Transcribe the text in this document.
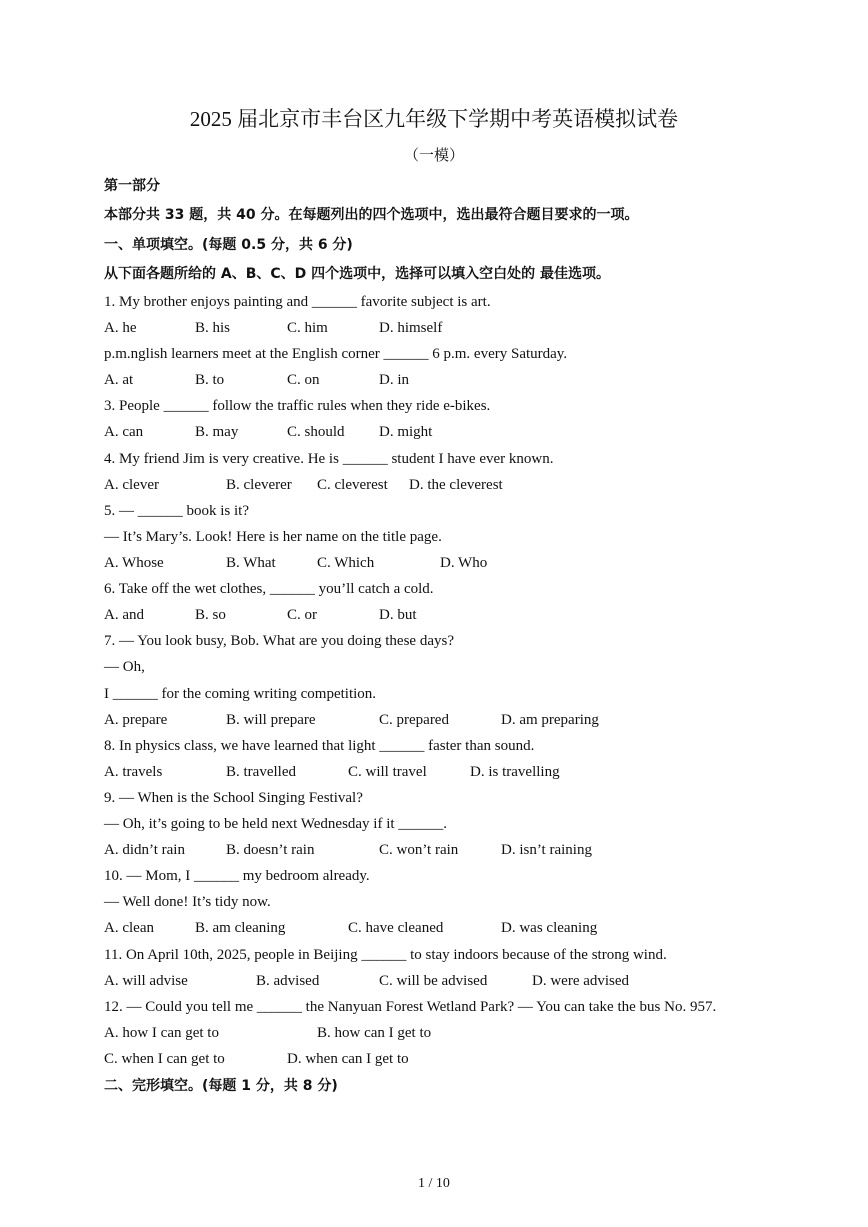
2025 届北京市丰台区九年级下学期中考英语模拟试卷
（一模）
第一部分
本部分共 33 题，共 40 分。在每题列出的四个选项中，选出最符合题目要求的一项。
一、单项填空。(每题 0.5 分，共 6 分)
从下面各题所给的 A、B、C、D 四个选项中，选择可以填入空白处的 最佳选项。
1. My brother enjoys painting and ______ favorite subject is art.
A. he	B. his	C. him	D. himself
p.m.nglish learners meet at the English corner ______ 6 p.m. every Saturday.
A. at	B. to	C. on	D. in
3. People ______ follow the traffic rules when they ride e-bikes.
A. can	B. may	C. should D. might
4. My friend Jim is very creative. He is ______ student I have ever known.
A. clever	B. cleverer C. cleverest D. the cleverest
5. — ______ book is it?
— It’s Mary’s. Look! Here is her name on the title page.
A. Whose	B. What	C. Which	D. Who
6. Take off the wet clothes, ______ you’ll catch a cold.
A. and	B. so	C. or	D. but
7. — You look busy, Bob. What are you doing these days?
— Oh,
I ______ for the coming writing competition.
A. prepare	B. will prepare	C. prepared	D. am preparing
8. In physics class, we have learned that light ______ faster than sound.
A. travels	B. travelled	C. will travel	D. is travelling
9. — When is the School Singing Festival?
— Oh, it’s going to be held next Wednesday if it ______.
A. didn’t rain	B. doesn’t rain	C. won’t rain	D. isn’t raining
10. — Mom, I ______ my bedroom already.
— Well done! It’s tidy now.
A. clean	B. am cleaning	C. have cleaned	D. was cleaning
11. On April 10th, 2025, people in Beijing ______ to stay indoors because of the strong wind.
A. will advise	B. advised	C. will be advised	D. were advised
12. — Could you tell me ______ the Nanyuan Forest Wetland Park? — You can take the bus No. 957.
A. how I can get to	B. how can I get to
C. when I can get to	D. when can I get to
二、完形填空。(每题 1 分，共 8 分)
1 / 10
